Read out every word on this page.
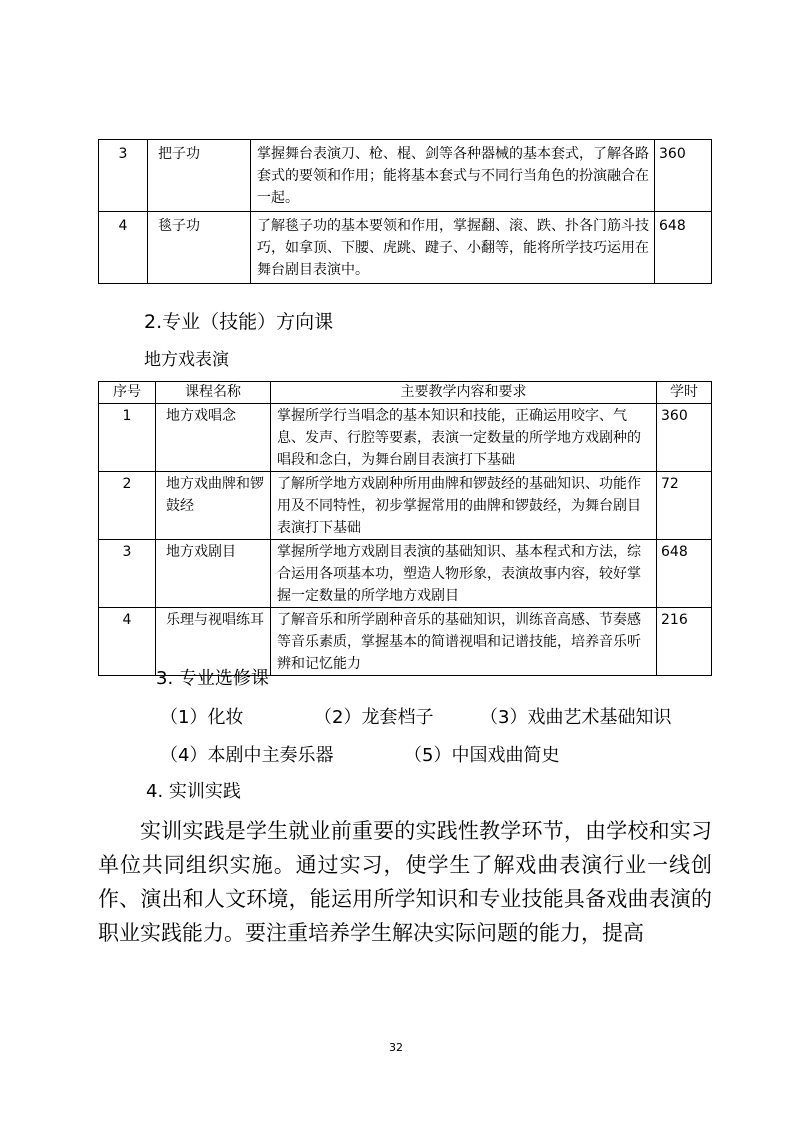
3	把子功	掌握舞台表演刀、枪、棍、剑等各种器械的基本套式，了解各路套式的要领和作用；能将基本套式与不同行当角色的扮演融合在一起。	360
4	毯子功	了解毯子功的基本要领和作用，掌握翻、滚、跌、扑各门筋斗技巧，如拿顶、下腰、虎跳、踺子、小翻等，能将所学技巧运用在舞台剧目表演中。	648
2.专业（技能）方向课
地方戏表演
序号	课程名称	主要教学内容和要求	学时
1	地方戏唱念	掌握所学行当唱念的基本知识和技能，正确运用咬字、气息、发声、行腔等要素，表演一定数量的所学地方戏剧种的唱段和念白，为舞台剧目表演打下基础	360
2	地方戏曲牌和锣鼓经	了解所学地方戏剧种所用曲牌和锣鼓经的基础知识、功能作用及不同特性，初步掌握常用的曲牌和锣鼓经，为舞台剧目表演打下基础	72
3	地方戏剧目	掌握所学地方戏剧目表演的基础知识、基本程式和方法，综合运用各项基本功，塑造人物形象，表演故事内容，较好掌握一定数量的所学地方戏剧目	648
4	乐理与视唱练耳	了解音乐和所学剧种音乐的基础知识，训练音高感、节奏感等音乐素质，掌握基本的简谱视唱和记谱技能，培养音乐听辨和记忆能力	216
3. 专业选修课
（1）化妆	（2）龙套档子	（3）戏曲艺术基础知识
（4）本剧中主奏乐器	（5）中国戏曲简史
4. 实训实践

实训实践是学生就业前重要的实践性教学环节，由学校和实习单位共同组织实施。通过实习，使学生了解戏曲表演行业一线创作、演出和人文环境，能运用所学知识和专业技能具备戏曲表演的职业实践能力。要注重培养学生解决实际问题的能力，提高

32
